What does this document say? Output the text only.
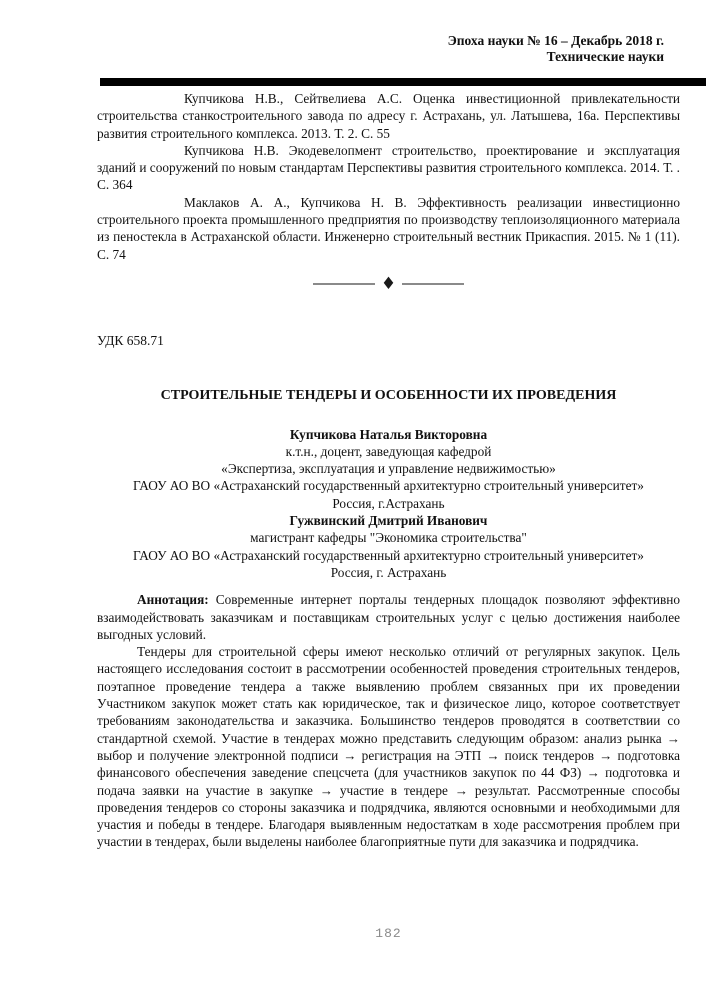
Эпоха науки № 16 – Декабрь 2018 г.
Технические науки

Купчикова Н.В., Сейтвелиева А.С. Оценка инвестиционной привлекательности строительства станкостроительного завода по адресу г. Астрахань, ул. Латышева, 16а. Перспективы развития строительного комплекса. 2013. Т. 2. С. 55

Купчикова Н.В. Экодевелопмент строительство, проектирование и эксплуатация зданий и сооружений по новым стандартам Перспективы развития строительного комплекса. 2014. Т. . С. 364

Маклаков А. А., Купчикова Н. В. Эффективность реализации инвестиционно строительного проекта промышленного предприятия по производству теплоизоляционного материала из пеностекла в Астраханской области. Инженерно строительный вестник Прикаспия. 2015. № 1 (11). С. 74

♦
УДК 658.71
СТРОИТЕЛЬНЫЕ ТЕНДЕРЫ И ОСОБЕННОСТИ ИХ ПРОВЕДЕНИЯ
Купчикова Наталья Викторовна
к.т.н., доцент, заведующая кафедрой
«Экспертиза, эксплуатация и управление недвижимостью»
ГАОУ АО ВО «Астраханский государственный архитектурно строительный университет»
Россия, г.Астрахань
Гужвинский Дмитрий Иванович
магистрант кафедры "Экономика строительства"
ГАОУ АО ВО «Астраханский государственный архитектурно строительный университет»
Россия, г. Астрахань

Аннотация: Современные интернет порталы тендерных площадок позволяют эффективно взаимодействовать заказчикам и поставщикам строительных услуг с целью достижения наиболее выгодных условий.

Тендеры для строительной сферы имеют несколько отличий от регулярных закупок. Цель настоящего исследования состоит в рассмотрении особенностей проведения строительных тендеров, поэтапное проведение тендера а также выявлению проблем связанных при их проведении Участником закупок может стать как юридическое, так и физическое лицо, которое соответствует требованиям законодательства и заказчика. Большинство тендеров проводятся в соответствии со стандартной схемой. Участие в тендерах можно представить следующим образом: анализ рынка → выбор и получение электронной подписи → регистрация на ЭТП → поиск тендеров → подготовка финансового обеспечения заведение спецсчета (для участников закупок по 44 ФЗ) → подготовка и подача заявки на участие в закупке → участие в тендере → результат. Рассмотренные способы проведения тендеров со стороны заказчика и подрядчика, являются основными и необходимыми для участия и победы в тендере. Благодаря выявленным недостаткам в ходе рассмотрения проблем при участии в тендерах, были выделены наиболее благоприятные пути для заказчика и подрядчика.

182
